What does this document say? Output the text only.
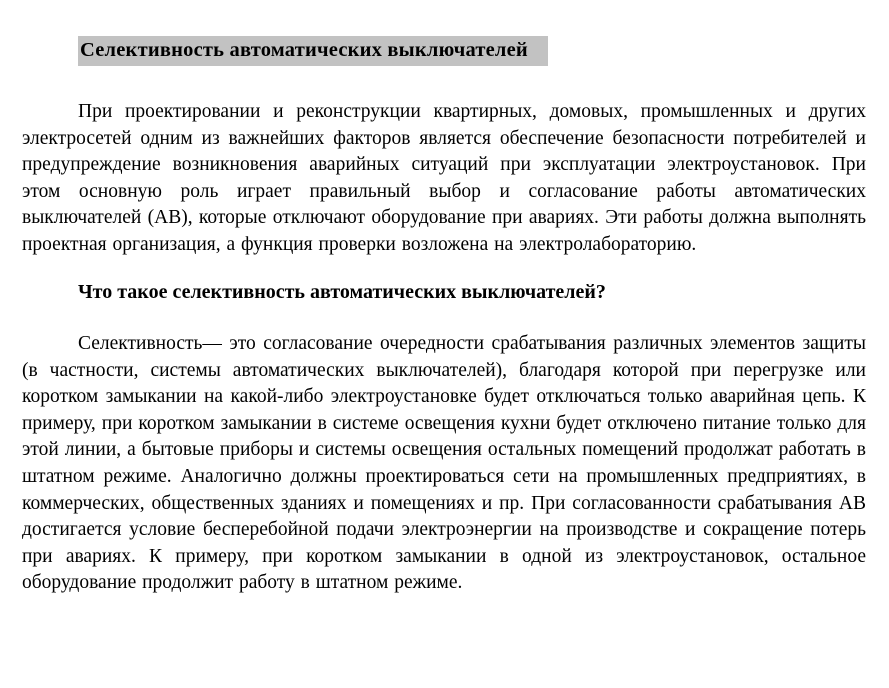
Селективность автоматических выключателей

При проектировании и реконструкции квартирных, домовых, промышленных и других электросетей одним из важнейших факторов является обеспечение безопасности потребителей и предупреждение возникновения аварийных ситуаций при эксплуатации электроустановок. При этом основную роль играет правильный выбор и согласование работы автоматических выключателей (АВ), которые отключают оборудование при авариях. Эти работы должна выполнять проектная организация, а функция проверки возложена на электролабораторию.

Что такое селективность автоматических выключателей?

Селективность— это согласование очередности срабатывания различных элементов защиты (в частности, системы автоматических выключателей), благодаря которой при перегрузке или коротком замыкании на какой-либо электроустановке будет отключаться только аварийная цепь. К примеру, при коротком замыкании в системе освещения кухни будет отключено питание только для этой линии, а бытовые приборы и системы освещения остальных помещений продолжат работать в штатном режиме. Аналогично должны проектироваться сети на промышленных предприятиях, в коммерческих, общественных зданиях и помещениях и пр. При согласованности срабатывания АВ достигается условие бесперебойной подачи электроэнергии на производстве и сокращение потерь при авариях. К примеру, при коротком замыкании в одной из электроустановок, остальное оборудование продолжит работу в штатном режиме.
